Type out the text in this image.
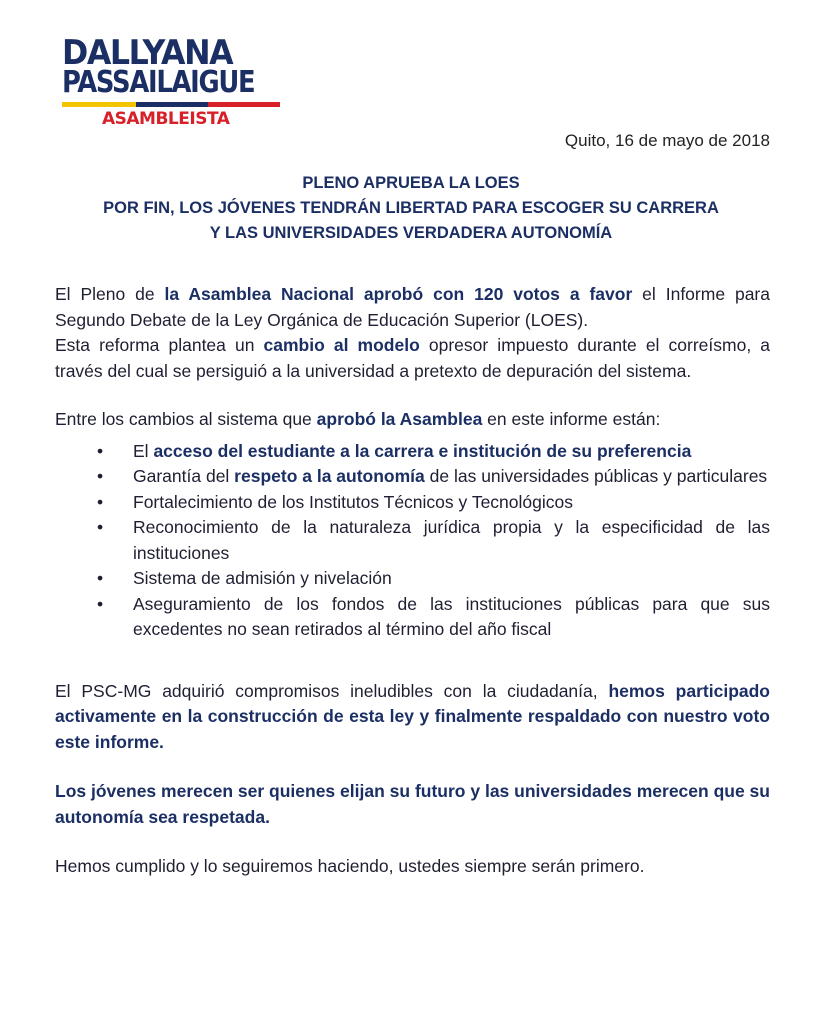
DALLYANA
PASSAILAIGUE
ASAMBLEISTA
Quito, 16 de mayo de 2018
PLENO APRUEBA LA LOES
POR FIN, LOS JÓVENES TENDRÁN LIBERTAD PARA ESCOGER SU CARRERA
Y LAS UNIVERSIDADES VERDADERA AUTONOMÍA

El Pleno de la Asamblea Nacional aprobó con 120 votos a favor el Informe para Segundo Debate de la Ley Orgánica de Educación Superior (LOES).

Esta reforma plantea un cambio al modelo opresor impuesto durante el correísmo, a través del cual se persiguió a la universidad a pretexto de depuración del sistema.

Entre los cambios al sistema que aprobó la Asamblea en este informe están:

• El acceso del estudiante a la carrera e institución de su preferencia
• Garantía del respeto a la autonomía de las universidades públicas y particulares
• Fortalecimiento de los Institutos Técnicos y Tecnológicos
• Reconocimiento de la naturaleza jurídica propia y la especificidad de las instituciones
• Sistema de admisión y nivelación
• Aseguramiento de los fondos de las instituciones públicas para que sus excedentes no sean retirados al término del año fiscal

El PSC-MG adquirió compromisos ineludibles con la ciudadanía, hemos participado activamente en la construcción de esta ley y finalmente respaldado con nuestro voto este informe.

Los jóvenes merecen ser quienes elijan su futuro y las universidades merecen que su autonomía sea respetada.

Hemos cumplido y lo seguiremos haciendo, ustedes siempre serán primero.
